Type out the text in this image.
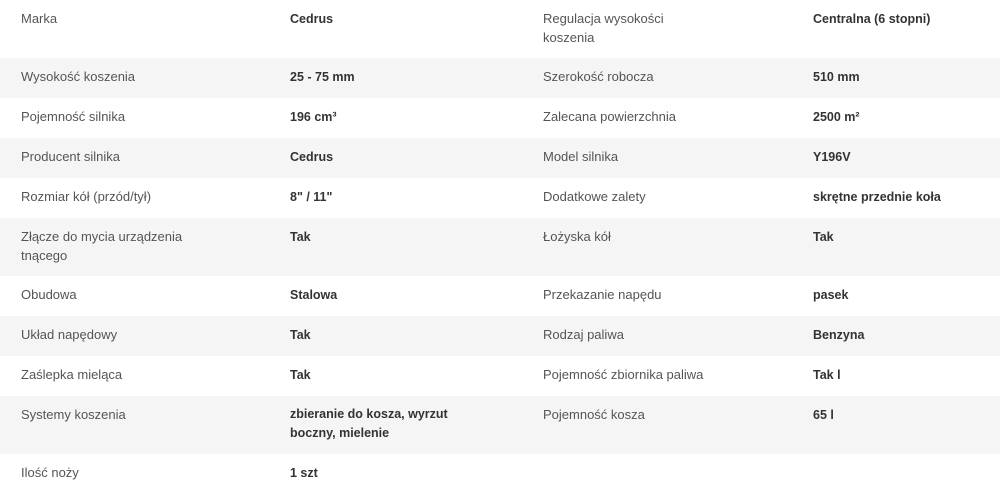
Marka	Cedrus	Regulacja wysokości koszenia	Centralna (6 stopni)
Wysokość koszenia	25 - 75 mm	Szerokość robocza	510 mm
Pojemność silnika	196 cm³	Zalecana powierzchnia	2500 m²
Producent silnika	Cedrus	Model silnika	Y196V
Rozmiar kół (przód/tył)	8" / 11"	Dodatkowe zalety	skrętne przednie koła

Złącze do mycia urządzenia tnącego	Tak	Łożyska kół	Tak
Obudowa	Stalowa	Przekazanie napędu	pasek
Układ napędowy	Tak	Rodzaj paliwa	Benzyna
Zaślepka mieląca	Tak	Pojemność zbiornika paliwa	Tak l
Systemy koszenia	zbieranie do kosza, wyrzut boczny, mielenie	Pojemność kosza	65 l
Ilość noży	1 szt		
